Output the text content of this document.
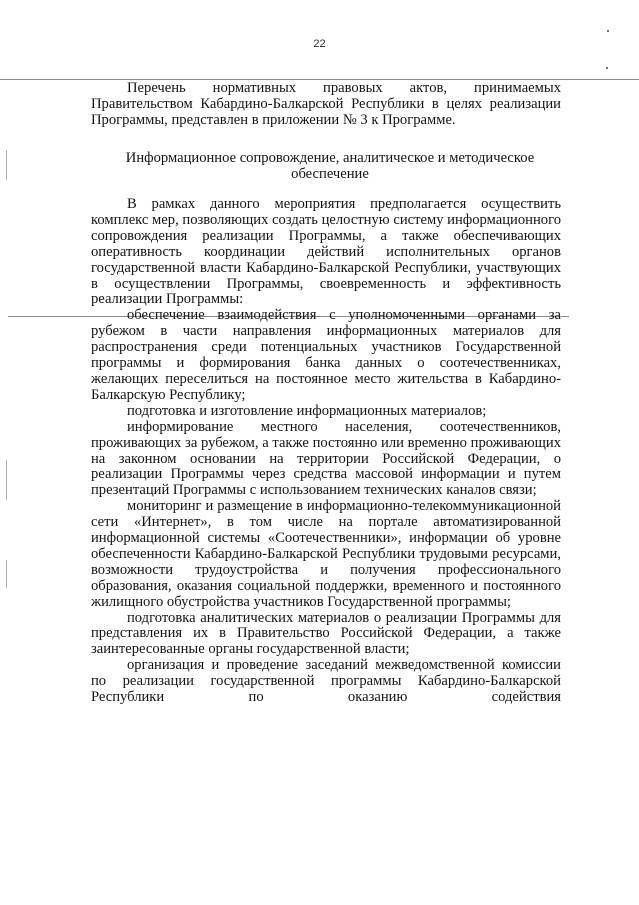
22

Перечень нормативных правовых актов, принимаемых Правительством Кабардино-Балкарской Республики в целях реализации Программы, представлен в приложении № 3 к Программе.

Информационное сопровождение, аналитическое и методическое

обеспечение

В рамках данного мероприятия предполагается осуществить комплекс мер, позволяющих создать целостную систему информационного сопровождения реализации Программы, а также обеспечивающих оперативность координации действий исполнительных органов государственной власти Кабардино-Балкарской Республики, участвующих в осуществлении Программы, своевременность и эффективность реализации Программы:

обеспечение взаимодействия с уполномоченными органами за рубежом в части направления информационных материалов для распространения среди потенциальных участников Государственной программы и формирования банка данных о соотечественниках, желающих переселиться на постоянное место жительства в Кабардино-Балкарскую Республику;

подготовка и изготовление информационных материалов;

информирование местного населения, соотечественников, проживающих за рубежом, а также постоянно или временно проживающих на законном основании на территории Российской Федерации, о реализации Программы через средства массовой информации и путем презентаций Программы с использованием технических каналов связи;

мониторинг и размещение в информационно-телекоммуникационной сети «Интернет», в том числе на портале автоматизированной информационной системы «Соотечественники», информации об уровне обеспеченности Кабардино-Балкарской Республики трудовыми ресурсами, возможности трудоустройства и получения профессионального образования, оказания социальной поддержки, временного и постоянного жилищного обустройства участников Государственной программы;

подготовка аналитических материалов о реализации Программы для представления их в Правительство Российской Федерации, а также заинтересованные органы государственной власти;

организация и проведение заседаний межведомственной комиссии по реализации государственной программы Кабардино-Балкарской Республики по оказанию содействия
